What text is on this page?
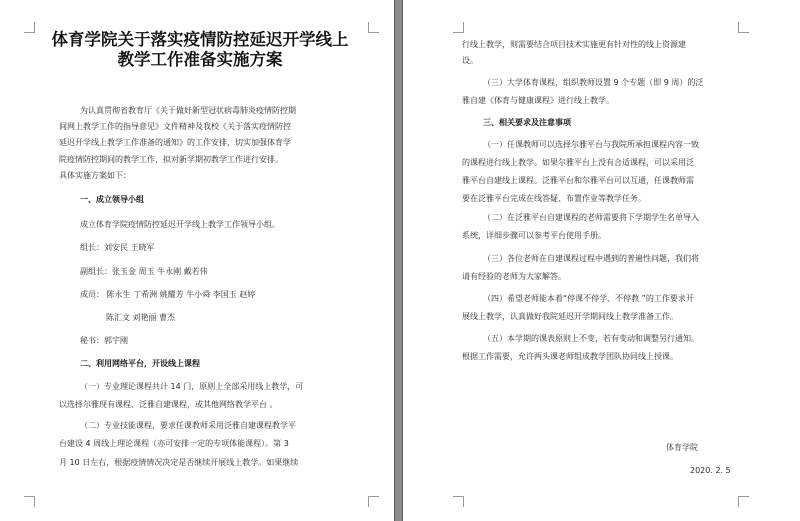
体育学院关于落实疫情防控延迟开学线上
教学工作准备实施方案
为认真贯彻省教育厅《关于做好新型冠状病毒肺炎疫情防控期
间网上教学工作的指导意见》文件精神及我校《关于落实疫情防控
延迟开学线上教学工作准备的通知》的工作安排，切实加强体育学
院疫情防控期间的教学工作，拟对新学期初教学工作进行安排。
具体实施方案如下：
一、成立领导小组
成立体育学院疫情防控延迟开学线上教学工作领导小组。
组长：刘安民 王晓军
副组长：张玉金 周玉 牛永刚 戴若伟
成员： 陈永生 丁希洲 姚耀芳 牛小舜 李国玉 赵婷
陈汇文 刘艳丽 曹杰
秘书：郭宇刚
二、利用网络平台，开设线上课程
（一）专业理论课程共计 14 门，原则上全部采用线上教学，可
以选择尔雅现有课程、泛雅自建课程，或其他网络教学平台 。
（二）专业技能课程，要求任课教师采用泛雅自建课程教学平
台建设 4 周线上理论课程（亦可安排一定的专项体能课程）。第 3
月 10 日左右，根据疫情情况决定是否继续开展线上教学。如果继续
行线上教学，则需要结合项目技术实施更有针对性的线上资源建
设。
（三）大学体育课程，组织教师设置 9 个专题（即 9 周）的泛
雅自建《体育与健康课程》进行线上教学。
三、相关要求及注意事项
（一）任课教师可以选择尔雅平台与我院所承担课程内容一致
的课程进行线上教学。如果尔雅平台上没有合适课程，可以采用泛
雅平台自建线上课程。泛雅平台和尔雅平台可以互通，任课教师需
要在泛雅平台完成在线答疑、布置作业等教学任务。
（二）在泛雅平台自建课程的老师需要将下学期学生名单导入
系统，详细步骤可以参考平台使用手册。
（三）各位老师在自建课程过程中遇到的普遍性问题，我们将
请有经验的老师为大家解答。
（四）希望老师能本着“停课不停学、不停教 ”的工作要求开
展线上教学，认真做好我院延迟开学期间线上教学准备工作。
（五）本学期的课表原则上不变，若有变动和调整另行通知。
根据工作需要，允许两头课老师组成教学团队协同线上授课。
体育学院
2020. 2. 5
